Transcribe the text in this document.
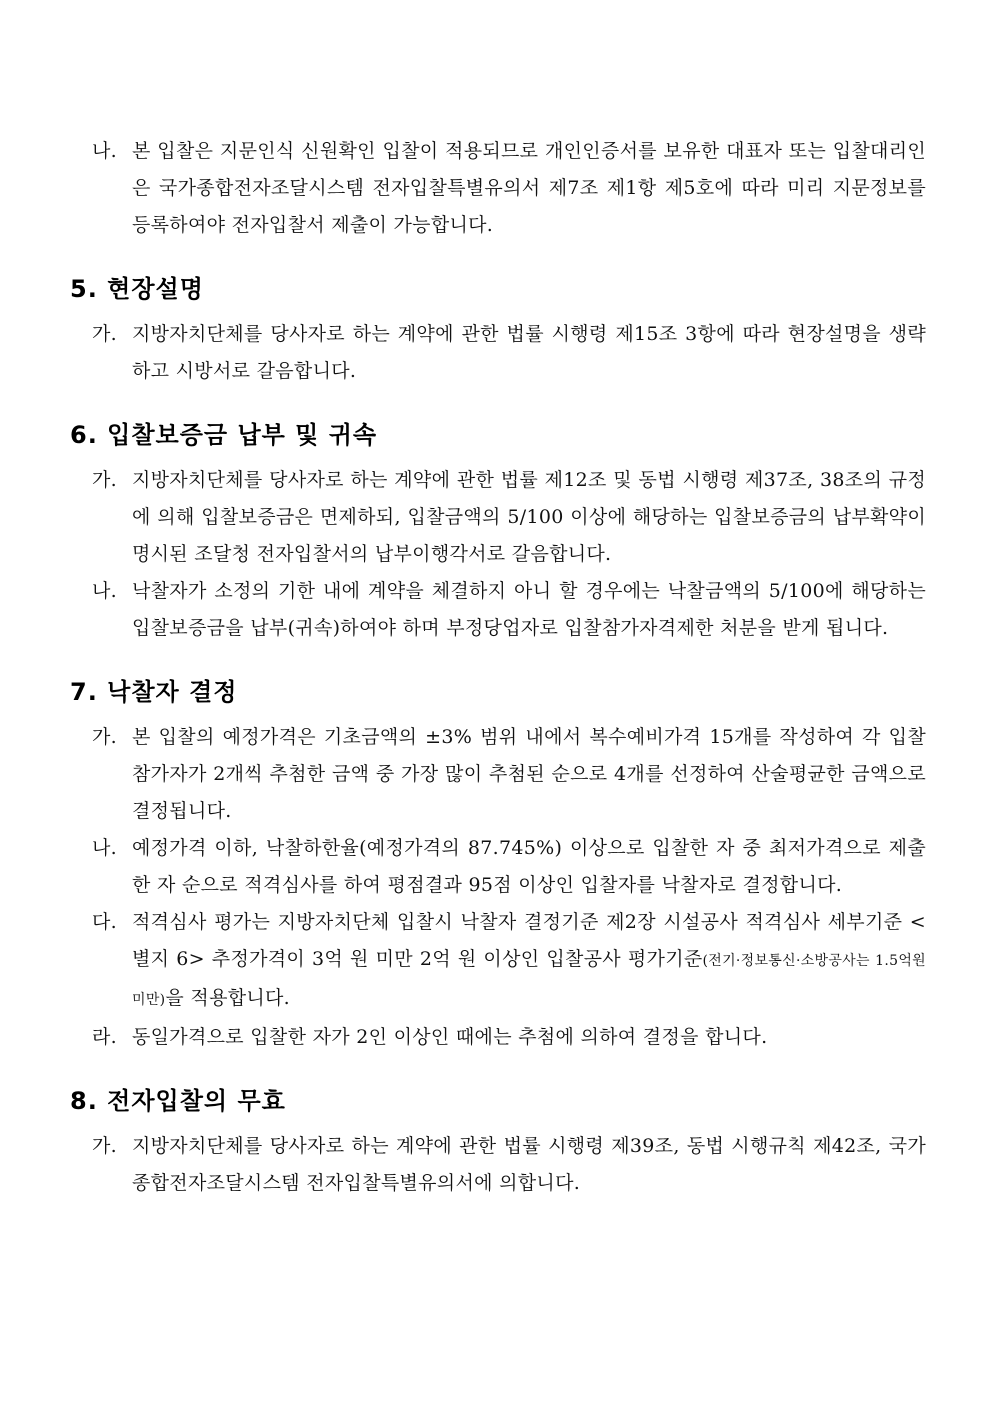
나. 본 입찰은 지문인식 신원확인 입찰이 적용되므로 개인인증서를 보유한 대표자 또는 입찰대리인은 국가종합전자조달시스템 전자입찰특별유의서 제7조 제1항 제5호에 따라 미리 지문정보를 등록하여야 전자입찰서 제출이 가능합니다.
5. 현장설명
가. 지방자치단체를 당사자로 하는 계약에 관한 법률 시행령 제15조 3항에 따라 현장설명을 생략하고 시방서로 갈음합니다.
6. 입찰보증금 납부 및 귀속
가. 지방자치단체를 당사자로 하는 계약에 관한 법률 제12조 및 동법 시행령 제37조, 38조의 규정에 의해 입찰보증금은 면제하되, 입찰금액의 5/100 이상에 해당하는 입찰보증금의 납부확약이 명시된 조달청 전자입찰서의 납부이행각서로 갈음합니다.
나. 낙찰자가 소정의 기한 내에 계약을 체결하지 아니 할 경우에는 낙찰금액의 5/100에 해당하는 입찰보증금을 납부(귀속)하여야 하며 부정당업자로 입찰참가자격제한 처분을 받게 됩니다.
7. 낙찰자 결정
가. 본 입찰의 예정가격은 기초금액의 ±3% 범위 내에서 복수예비가격 15개를 작성하여 각 입찰참가자가 2개씩 추첨한 금액 중 가장 많이 추첨된 순으로 4개를 선정하여 산술평균한 금액으로 결정됩니다.
나. 예정가격 이하, 낙찰하한율(예정가격의 87.745%) 이상으로 입찰한 자 중 최저가격으로 제출한 자 순으로 적격심사를 하여 평점결과 95점 이상인 입찰자를 낙찰자로 결정합니다.
다. 적격심사 평가는 지방자치단체 입찰시 낙찰자 결정기준 제2장 시설공사 적격심사 세부기준 <별지 6> 추정가격이 3억 원 미만 2억 원 이상인 입찰공사 평가기준(전기·정보통신·소방공사는 1.5억원 미만)을 적용합니다.
라. 동일가격으로 입찰한 자가 2인 이상인 때에는 추첨에 의하여 결정을 합니다.
8. 전자입찰의 무효
가. 지방자치단체를 당사자로 하는 계약에 관한 법률 시행령 제39조, 동법 시행규칙 제42조, 국가종합전자조달시스템 전자입찰특별유의서에 의합니다.
